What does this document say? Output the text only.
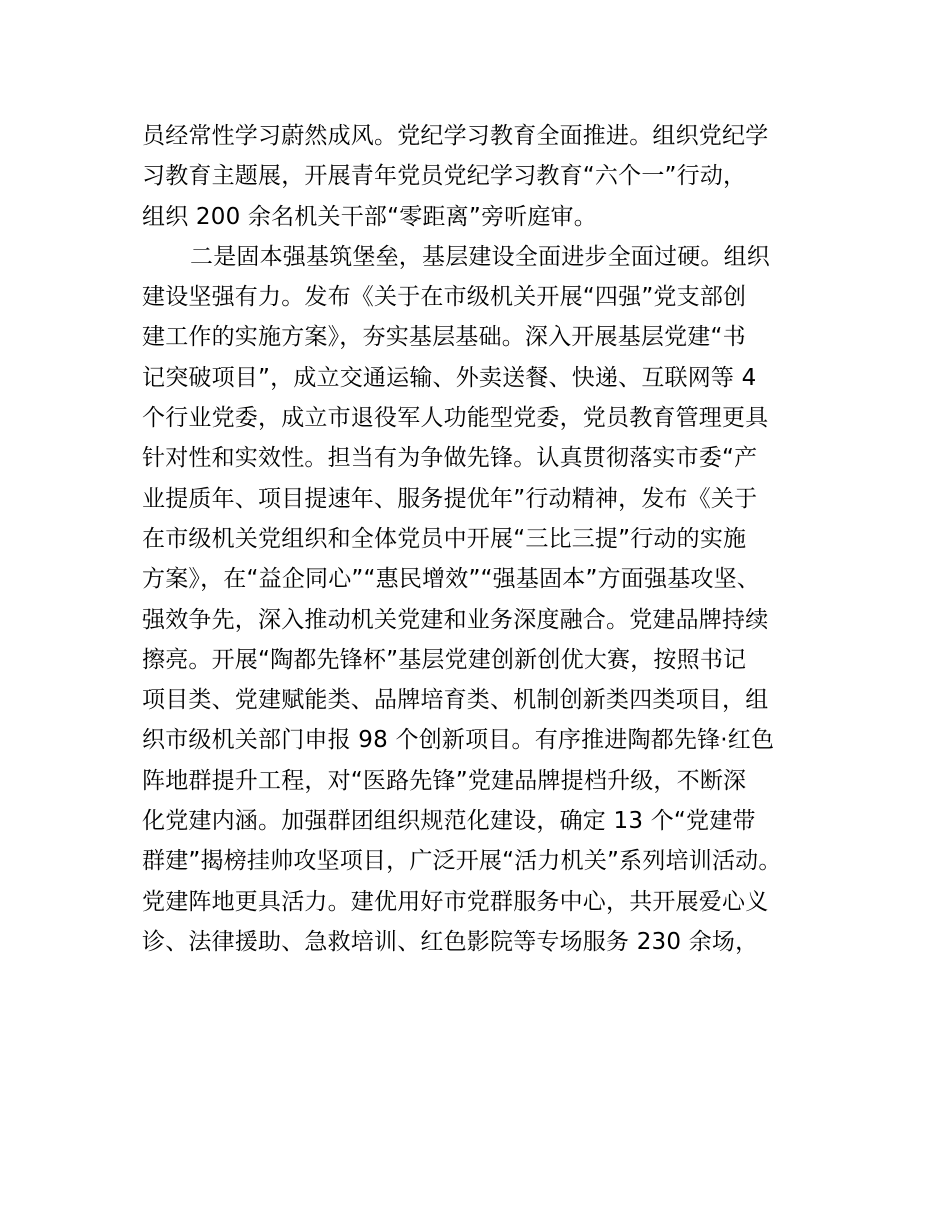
员经常性学习蔚然成风。党纪学习教育全面推进。组织党纪学
习教育主题展，开展青年党员党纪学习教育“六个一”行动，
组织 200 余名机关干部“零距离”旁听庭审。
二是固本强基筑堡垒，基层建设全面进步全面过硬。组织
建设坚强有力。发布《关于在市级机关开展“四强”党支部创
建工作的实施方案》，夯实基层基础。深入开展基层党建“书
记突破项目”，成立交通运输、外卖送餐、快递、互联网等 4
个行业党委，成立市退役军人功能型党委，党员教育管理更具
针对性和实效性。担当有为争做先锋。认真贯彻落实市委“产
业提质年、项目提速年、服务提优年”行动精神，发布《关于
在市级机关党组织和全体党员中开展“三比三提”行动的实施
方案》，在“益企同心”“惠民增效”“强基固本”方面强基攻坚、
强效争先，深入推动机关党建和业务深度融合。党建品牌持续
擦亮。开展“陶都先锋杯”基层党建创新创优大赛，按照书记
项目类、党建赋能类、品牌培育类、机制创新类四类项目，组
织市级机关部门申报 98 个创新项目。有序推进陶都先锋·红色
阵地群提升工程，对“医路先锋”党建品牌提档升级，不断深
化党建内涵。加强群团组织规范化建设，确定 13 个“党建带
群建”揭榜挂帅攻坚项目，广泛开展“活力机关”系列培训活动。
党建阵地更具活力。建优用好市党群服务中心，共开展爱心义
诊、法律援助、急救培训、红色影院等专场服务 230 余场，
